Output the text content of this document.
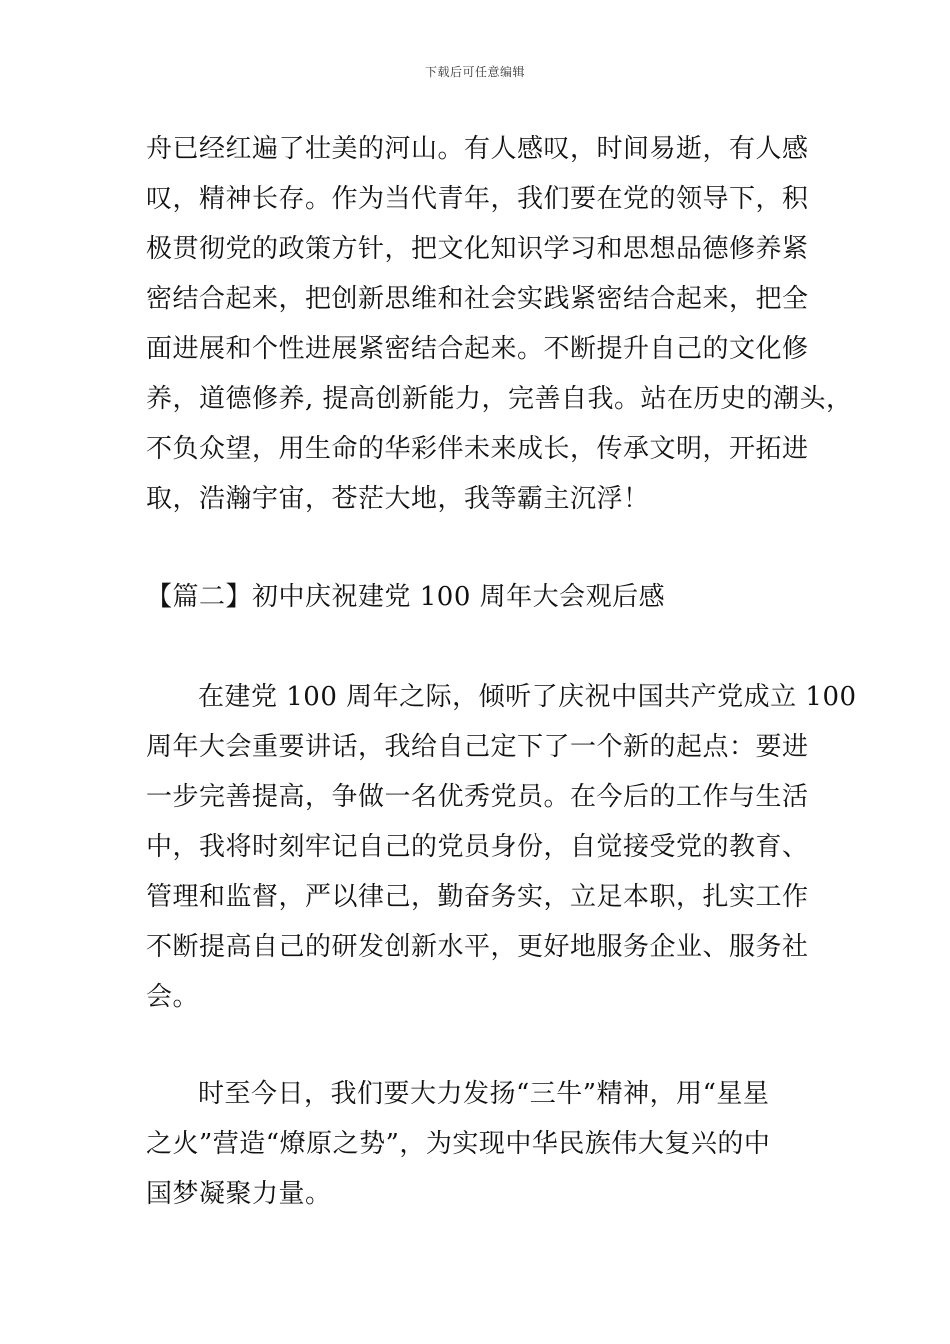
下载后可任意编辑
舟已经红遍了壮美的河山。有人感叹，时间易逝，有人感
叹，精神长存。作为当代青年，我们要在党的领导下，积
极贯彻党的政策方针，把文化知识学习和思想品德修养紧
密结合起来，把创新思维和社会实践紧密结合起来，把全
面进展和个性进展紧密结合起来。不断提升自己的文化修
养，道德修养, 提高创新能力，完善自我。站在历史的潮头，
不负众望，用生命的华彩伴未来成长，传承文明，开拓进
取，浩瀚宇宙，苍茫大地，我等霸主沉浮！
【篇二】初中庆祝建党 100 周年大会观后感
在建党 100 周年之际，倾听了庆祝中国共产党成立 100
周年大会重要讲话，我给自己定下了一个新的起点：要进
一步完善提高，争做一名优秀党员。在今后的工作与生活
中，我将时刻牢记自己的党员身份，自觉接受党的教育、
管理和监督，严以律己，勤奋务实，立足本职，扎实工作
不断提高自己的研发创新水平，更好地服务企业、服务社
会。
时至今日，我们要大力发扬“三牛”精神，用“星星
之火”营造“燎原之势”，为实现中华民族伟大复兴的中
国梦凝聚力量。
